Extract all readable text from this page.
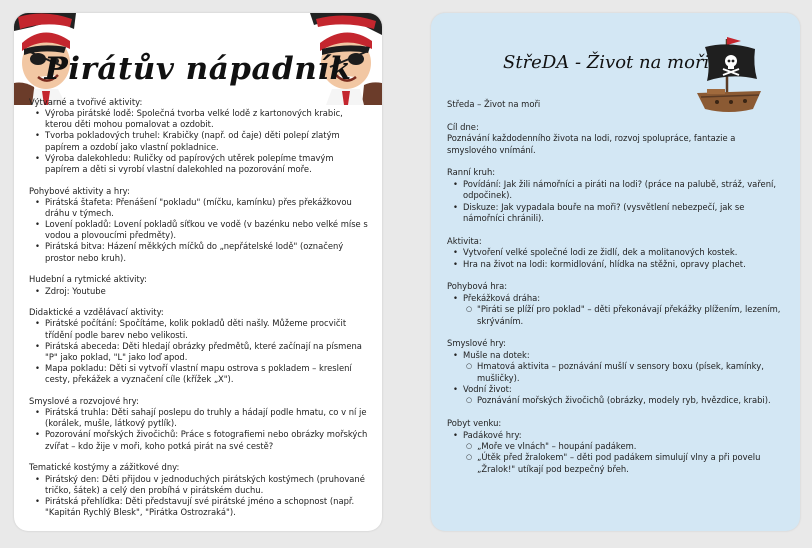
Pirátův nápadník
Výtvarné a tvořivé aktivity:
• Výroba pirátské lodě: Společná tvorba velké lodě z kartonových krabic, kterou děti mohou pomalovat a ozdobit.
• Tvorba pokladových truhel: Krabičky (např. od čaje) děti polepí zlatým papírem a ozdobí jako vlastní pokladnice.
• Výroba dalekohledu: Ruličky od papírových utěrek polepíme tmavým papírem a děti si vyrobí vlastní dalekohled na pozorování moře.
Pohybové aktivity a hry:
• Pirátská štafeta: Přenášení "pokladu" (míčku, kamínku) přes překážkovou dráhu v týmech.
• Lovení pokladů: Lovení pokladů síťkou ve vodě (v bazénku nebo velké míse s vodou a plovoucími předměty).
• Pirátská bitva: Házení měkkých míčků do „nepřátelské lodě" (označený prostor nebo kruh).
Hudební a rytmické aktivity:
• Zdroj: Youtube
Didaktické a vzdělávací aktivity:
• Pirátské počítání: Spočítáme, kolik pokladů děti našly. Můžeme procvičit třídění podle barev nebo velikosti.
• Pirátská abeceda: Děti hledají obrázky předmětů, které začínají na písmena "P" jako poklad, "L" jako loď apod.
• Mapa pokladu: Děti si vytvoří vlastní mapu ostrova s pokladem – kreslení cesty, překážek a vyznačení cíle (křížek „X").
Smyslové a rozvojové hry:
• Pirátská truhla: Děti sahají poslepu do truhly a hádají podle hmatu, co v ní je (korálek, mušle, látkový pytlík).
• Pozorování mořských živočichů: Práce s fotografiemi nebo obrázky mořských zvířat – kdo žije v moři, koho potká pirát na své cestě?
Tematické kostýmy a zážitkové dny:
• Pirátský den: Děti přijdou v jednoduchých pirátských kostýmech (pruhované tričko, šátek) a celý den probíhá v pirátském duchu.
• Pirátská přehlídka: Děti představují své pirátské jméno a schopnost (např. "Kapitán Rychlý Blesk", "Pirátka Ostrozraká").
StřeDA - Život na moři
Středa – Život na moři
Cíl dne:
Poznávání každodenního života na lodi, rozvoj spolupráce, fantazie a smyslového vnímání.
Ranní kruh:
• Povídání: Jak žili námořníci a piráti na lodi? (práce na palubě, stráž, vaření, odpočinek).
• Diskuze: Jak vypadala bouře na moři? (vysvětlení nebezpečí, jak se námořníci chránili).
Aktivita:
• Vytvoření velké společné lodi ze židlí, dek a molitanových kostek.
• Hra na život na lodi: kormidlování, hlídka na stěžni, opravy plachet.
Pohybová hra:
• Překážková dráha:
○ "Piráti se plíží pro poklad" – děti překonávají překážky plížením, lezením, skrýváním.
Smyslové hry:
• Mušle na dotek:
○ Hmatová aktivita – poznávání mušlí v sensory boxu (písek, kamínky, mušličky).
• Vodní život:
○ Poznávání mořských živočichů (obrázky, modely ryb, hvězdice, krabi).
Pobyt venku:
• Padákové hry:
○ „Moře ve vlnách" – houpání padákem.
○ „Útěk před žralokem" – děti pod padákem simulují vlny a při povelu „Žralok!" utíkají pod bezpečný břeh.
